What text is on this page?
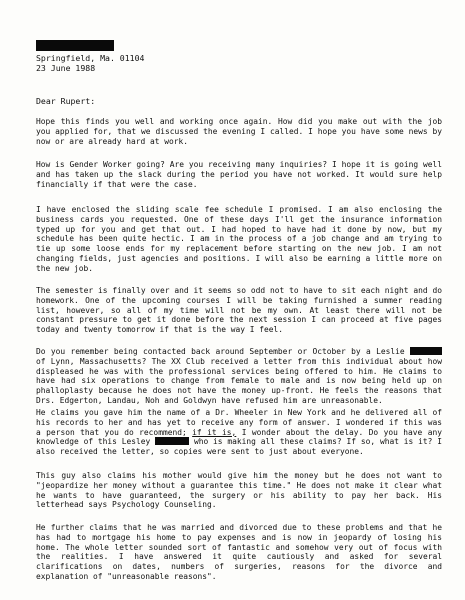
Springfield, Ma. 01104
23 June 1988
Dear Rupert:

Hope this finds you well and working once again. How did you make out with the job you applied for, that we discussed the evening I called. I hope you have some news by now or are already hard at work.

How is Gender Worker going? Are you receiving many inquiries? I hope it is going well and has taken up the slack during the period you have not worked. It would sure help financially if that were the case.

I have enclosed the sliding scale fee schedule I promised. I am also enclosing the business cards you requested. One of these days I'll get the insurance information typed up for you and get that out. I had hoped to have had it done by now, but my schedule has been quite hectic. I am in the process of a job change and am trying to tie up some loose ends for my replacement before starting on the new job. I am not changing fields, just agencies and positions. I will also be earning a little more on the new job.

The semester is finally over and it seems so odd not to have to sit each night and do homework. One of the upcoming courses I will be taking furnished a summer reading list, however, so all of my time will not be my own. At least there will not be constant pressure to get it done before the next session I can proceed at five pages today and twenty tomorrow if that is the way I feel.

Do you remember being contacted back around September or October by a Leslie  of Lynn, Massachusetts? The XX Club received a letter from this individual about how displeased he was with the professional services being offered to him. He claims to have had six operations to change from female to male and is now being held up on phalloplasty because he does not have the money up-front. He feels the reasons that Drs. Edgerton, Landau, Noh and Goldwyn have refused him are unreasonable.

He claims you gave him the name of a Dr. Wheeler in New York and he delivered all of his records to her and has yet to receive any form of answer. I wondered if this was a person that you do recommend; if it is, I wonder about the delay. Do you have any knowledge of this Lesley	who is making all these claims? If so, what is it? I also received the letter, so copies were sent to just about everyone.

This guy also claims his mother would give him the money but he does not want to "jeopardize her money without a guarantee this time." He does not make it clear what he wants to have guaranteed, the surgery or his ability to pay her back. His letterhead says Psychology Counseling.

He further claims that he was married and divorced due to these problems and that he has had to mortgage his home to pay expenses and is now in jeopardy of losing his home. The whole letter sounded sort of fantastic and somehow very out of focus with the realities. I have answered it quite cautiously and asked for several clarifications on dates, numbers of surgeries, reasons for the divorce and explanation of "unreasonable reasons".
